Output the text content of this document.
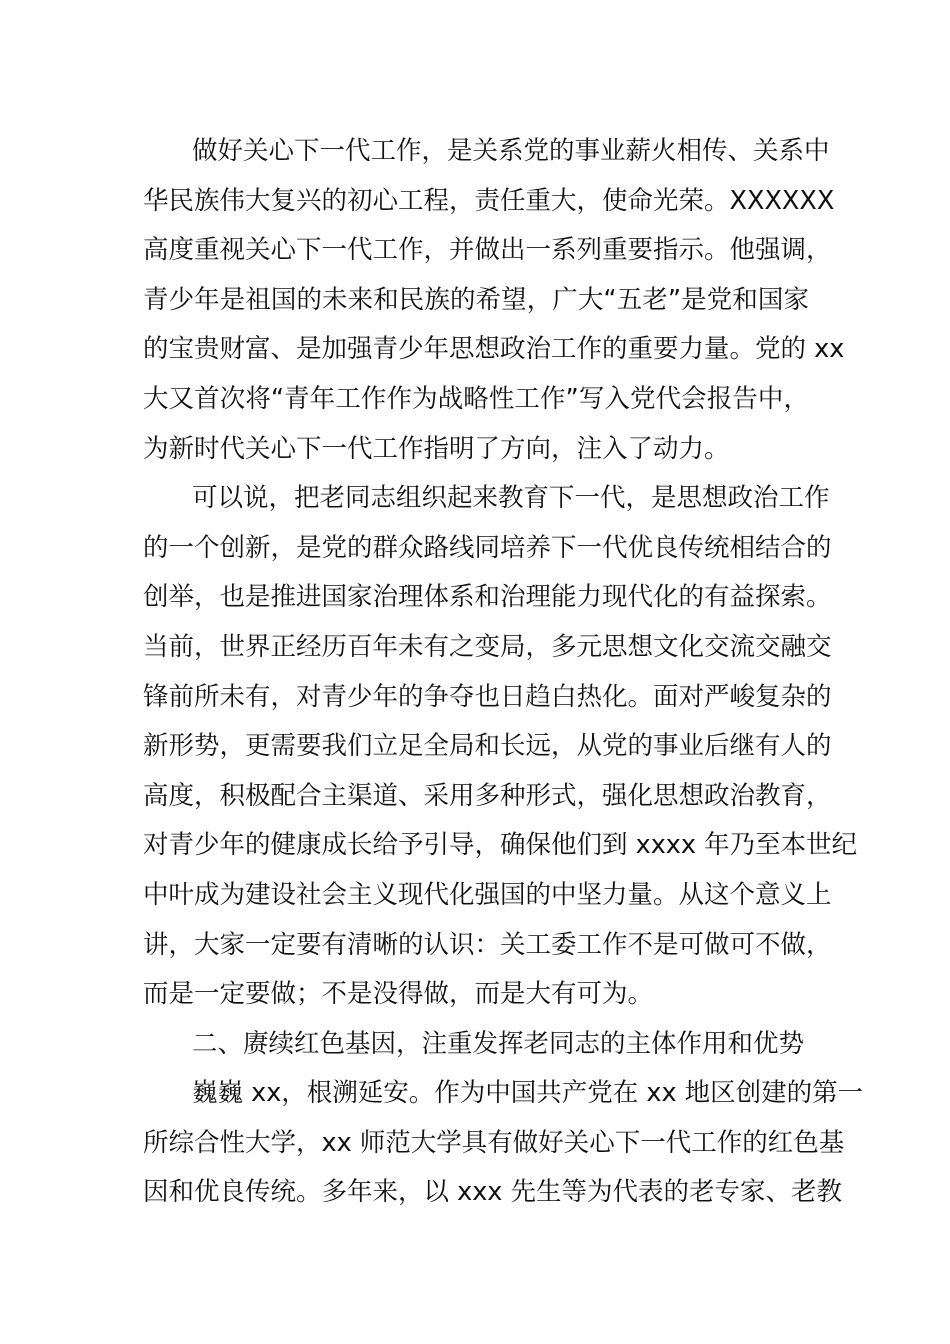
做好关心下一代工作，是关系党的事业薪火相传、关系中
华民族伟大复兴的初心工程，责任重大，使命光荣。XXXXXX
高度重视关心下一代工作，并做出一系列重要指示。他强调，
青少年是祖国的未来和民族的希望，广大“五老”是党和国家
的宝贵财富、是加强青少年思想政治工作的重要力量。党的 xx
大又首次将“青年工作作为战略性工作”写入党代会报告中，
为新时代关心下一代工作指明了方向，注入了动力。
可以说，把老同志组织起来教育下一代，是思想政治工作
的一个创新，是党的群众路线同培养下一代优良传统相结合的
创举，也是推进国家治理体系和治理能力现代化的有益探索。
当前，世界正经历百年未有之变局，多元思想文化交流交融交
锋前所未有，对青少年的争夺也日趋白热化。面对严峻复杂的
新形势，更需要我们立足全局和长远，从党的事业后继有人的
高度，积极配合主渠道、采用多种形式，强化思想政治教育，
对青少年的健康成长给予引导，确保他们到 xxxx 年乃至本世纪
中叶成为建设社会主义现代化强国的中坚力量。从这个意义上
讲，大家一定要有清晰的认识：关工委工作不是可做可不做，
而是一定要做；不是没得做，而是大有可为。
二、赓续红色基因，注重发挥老同志的主体作用和优势
巍巍 xx，根溯延安。作为中国共产党在 xx 地区创建的第一
所综合性大学，xx 师范大学具有做好关心下一代工作的红色基
因和优良传统。多年来，以 xxx 先生等为代表的老专家、老教
